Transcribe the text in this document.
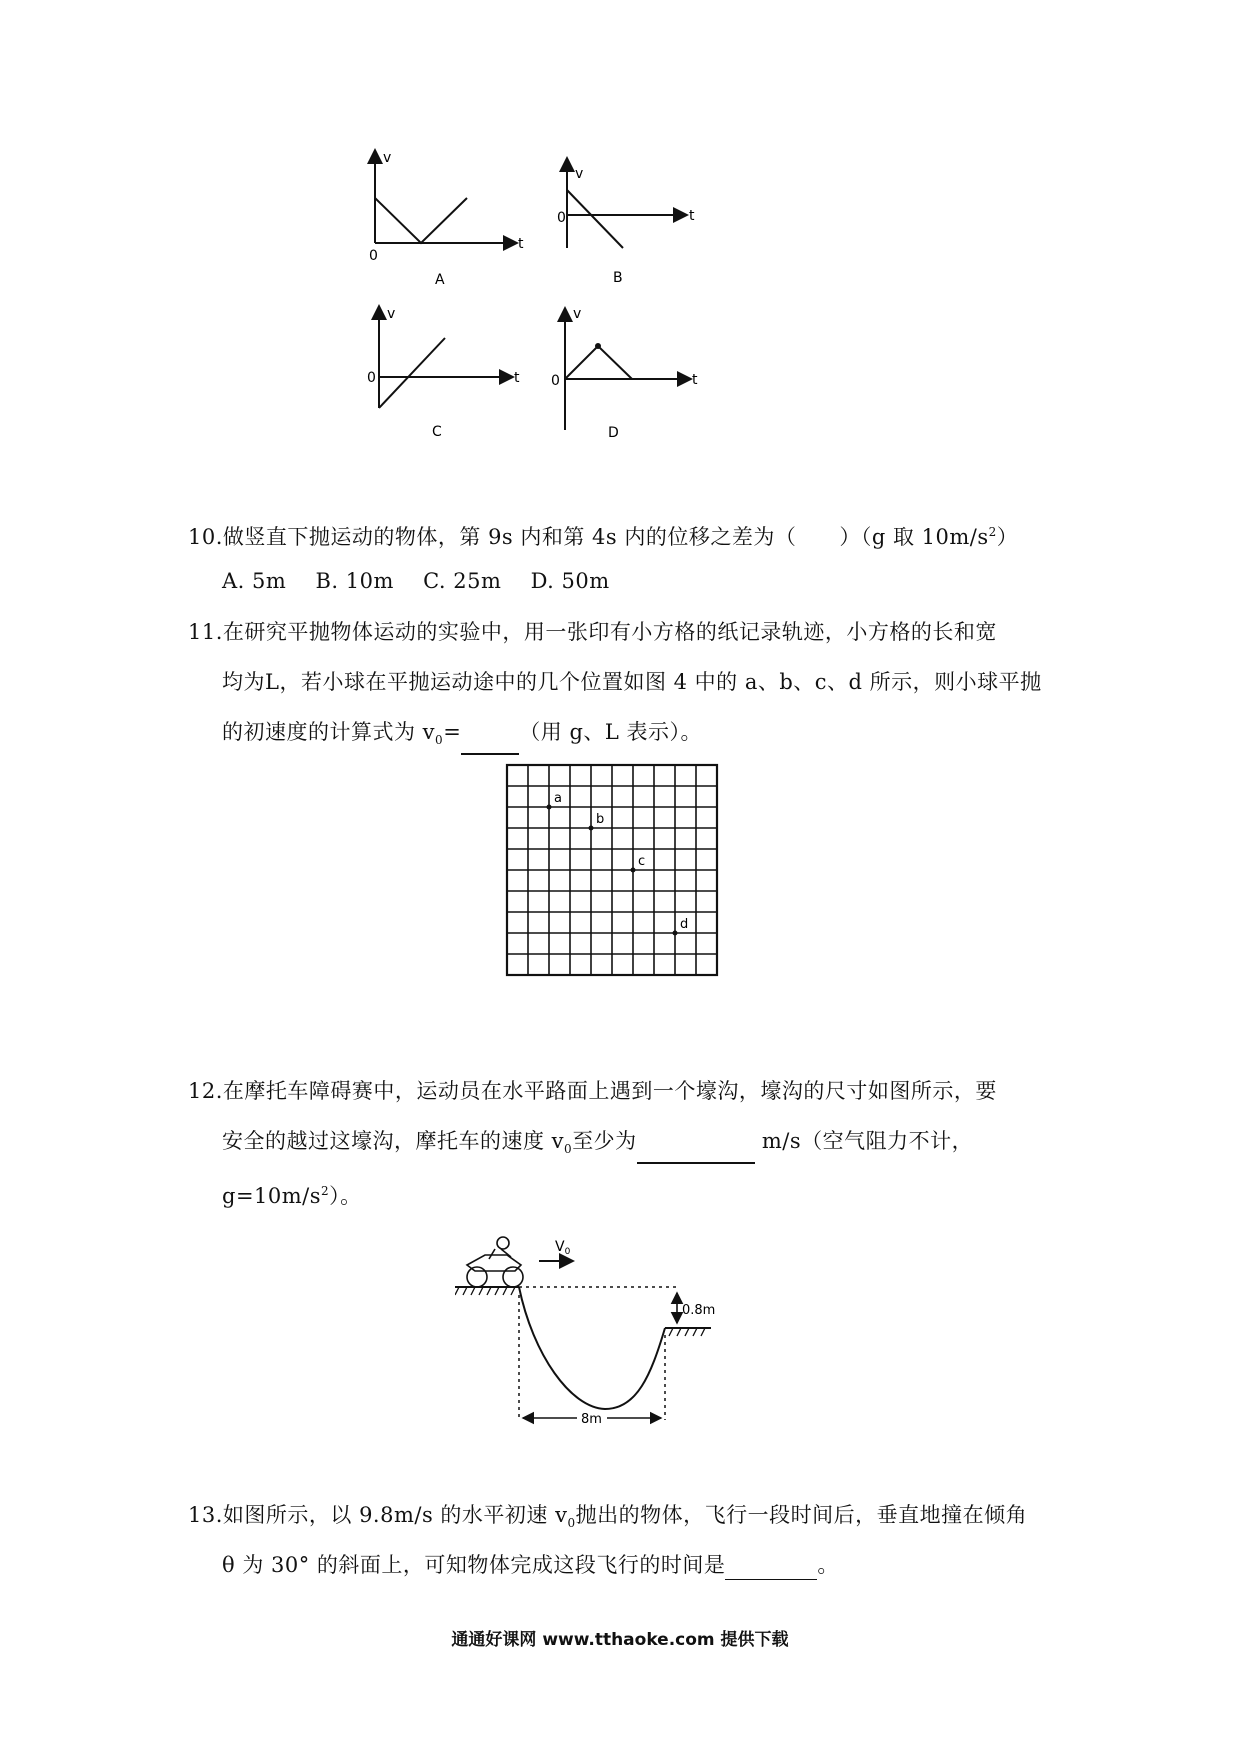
v
t
0
A
v
t
0
B
v
t
0
C
v
t
0
D
10.做竖直下抛运动的物体，第 9s 内和第 4s 内的位移之差为（　　）（g 取 $10m/s^2$）
A. 5m B. 10m C. 25m D. 50m
11.在研究平抛物体运动的实验中，用一张印有小方格的纸记录轨迹，小方格的长和宽
均为L，若小球在平抛运动途中的几个位置如图 4 中的 a、b、c、d 所示，则小球平抛
的初速度的计算式为 $v_0=$	（用 g、L 表示）。
a
b
c
d
12.在摩托车障碍赛中，运动员在水平路面上遇到一个壕沟，壕沟的尺寸如图所示，要
安全的越过这壕沟，摩托车的速度 $v_0$至少为	m/s（空气阻力不计，
$g=10m/s^2$）。
$V_0$
0.8m
8m
13.如图所示，以 9.8m/s 的水平初速 $v_0$抛出的物体，飞行一段时间后，垂直地撞在倾角
θ 为 30° 的斜面上，可知物体完成这段飞行的时间是	。
通通好课网 www.tthaoke.com 提供下载
